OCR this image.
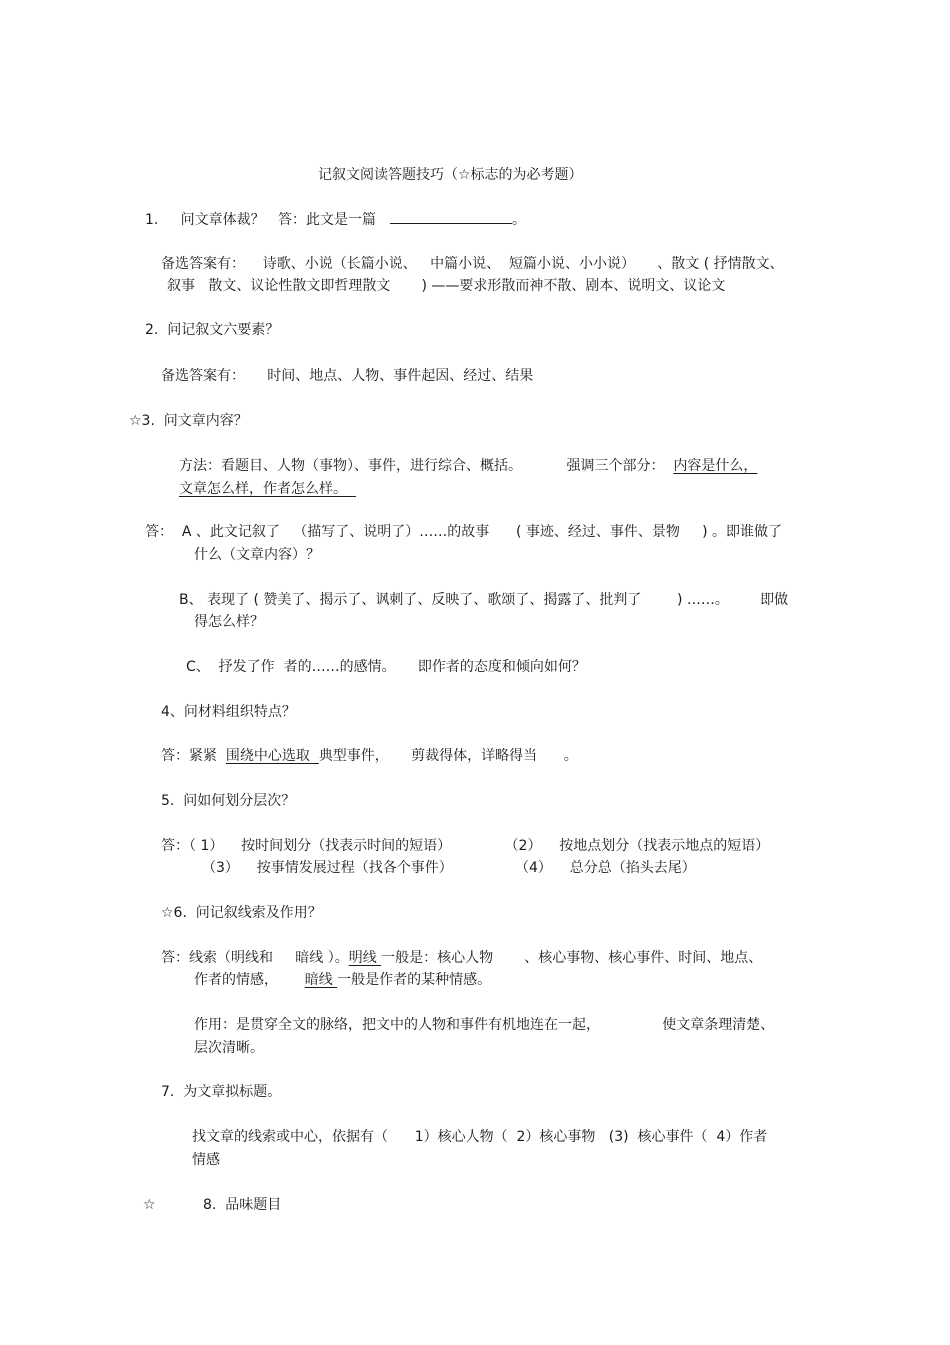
记叙文阅读答题技巧（☆标志的为必考题）
1. 问文章体裁？   答：此文是一篇	。
备选答案有：    诗歌、小说（长篇小说、   中篇小说、  短篇小说、小小说）     、散文 ( 抒情散文、
叙事   散文、议论性散文即哲理散文       ) ——要求形散而神不散、剧本、说明文、议论文
2.  问记叙文六要素？
备选答案有：     时间、地点、人物、事件起因、经过、结果
☆3.  问文章内容？
方法：看题目、人物（事物）、事件，进行综合、概括。          强调三个部分：  内容是什么，
文章怎么样，作者怎么样。
答：  A 、此文记叙了   （描写了、说明了）……的故事      ( 事迹、经过、事件、景物     ) 。即谁做了
什么（文章内容）？
B、 表现了 ( 赞美了、揭示了、讽刺了、反映了、歌颂了、揭露了、批判了        ) ……。       即做
得怎么样？
C、  抒发了作  者的……的感情。     即作者的态度和倾向如何？
4、问材料组织特点？
答：紧紧  围绕中心选取  典型事件，     剪裁得体，详略得当      。
5.  问如何划分层次？
答：（ 1）    按时间划分（找表示时间的短语）            （2）    按地点划分（找表示地点的短语）
（3）    按事情发展过程（找各个事件）              （4）    总分总（掐头去尾）
☆6.  问记叙线索及作用？
答：线索（明线和     暗线 ）。明线 一般是：核心人物       、核心事物、核心事件、时间、地点、
作者的情感，      暗线 一般是作者的某种情感。
作用：是贯穿全文的脉络，把文中的人物和事件有机地连在一起，              使文章条理清楚、
层次清晰。
7.  为文章拟标题。
找文章的线索或中心，依据有（      1）核心人物（  2）核心事物   (3)  核心事件（  4）作者
情感
☆	8.  品味题目
